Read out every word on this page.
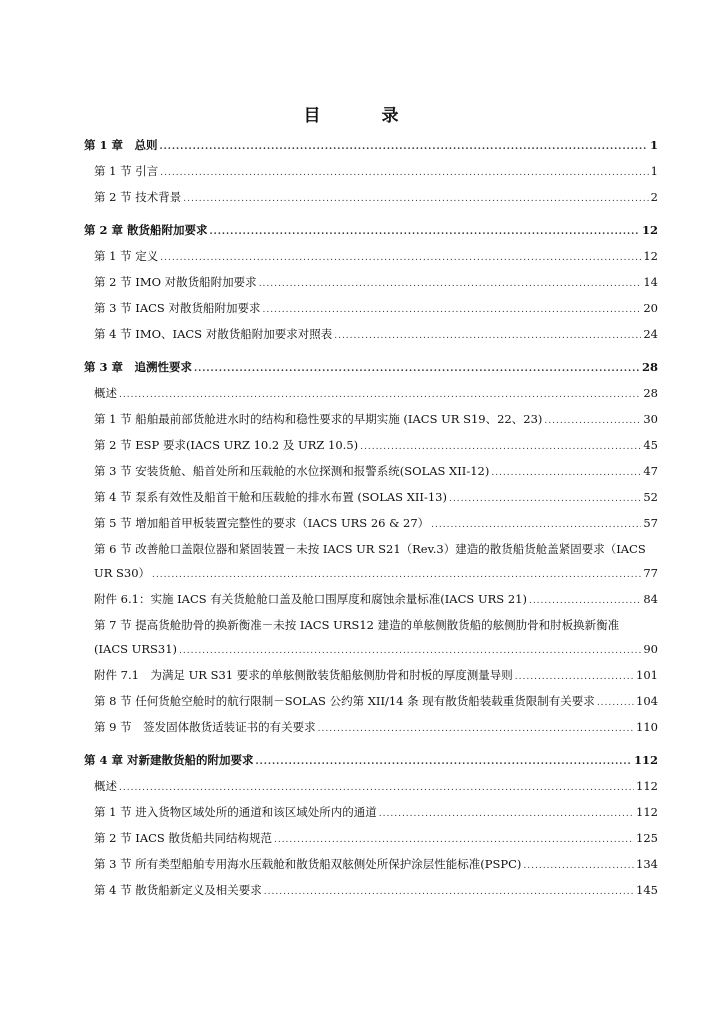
目　录
第 1 章　总则 .....	1
第 1 节 引言 .....	1
第 2 节 技术背景 .....	2
第 2 章 散货船附加要求 .....	12
第 1 节 定义 .....	12
第 2 节 IMO 对散货船附加要求 .....	14
第 3 节 IACS 对散货船附加要求 .....	20
第 4 节 IMO、IACS 对散货船附加要求对照表 .....	24
第 3 章　追溯性要求 .....	28
概述 .....	28
第 1 节 船舶最前部货舱进水时的结构和稳性要求的早期实施 (IACS UR S19、22、23) .....	30
第 2 节 ESP 要求(IACS URZ 10.2 及 URZ 10.5) .....	45
第 3 节 安装货舱、船首处所和压载舱的水位探测和报警系统(SOLAS XII-12) .....	47
第 4 节 泵系有效性及船首干舱和压载舱的排水布置 (SOLAS XII-13) .....	52
第 5 节 增加船首甲板装置完整性的要求（IACS URS 26 & 27） .....	57
第 6 节 改善舱口盖限位器和紧固装置－未按 IACS UR S21（Rev.3）建造的散货船货舱盖紧固要求（IACS
UR S30） .....	77
附件 6.1：实施 IACS 有关货舱舱口盖及舱口围厚度和腐蚀余量标准(IACS URS 21) .....	84
第 7 节 提高货舱肋骨的换新衡准－未按 IACS URS12 建造的单舷侧散货船的舷侧肋骨和肘板换新衡准
(IACS URS31) .....	90
附件 7.1　为满足 UR S31 要求的单舷侧散装货船舷侧肋骨和肘板的厚度测量导则 .....	101
第 8 节 任何货舱空舱时的航行限制－SOLAS 公约第 XII/14 条 现有散货船装载重货限制有关要求 .....	104
第 9 节　签发固体散货适装证书的有关要求 .....	110
第 4 章 对新建散货船的附加要求 .....	112
概述 .....	112
第 1 节 进入货物区域处所的通道和该区域处所内的通道 .....	112
第 2 节 IACS 散货船共同结构规范 .....	125
第 3 节 所有类型船舶专用海水压载舱和散货船双舷侧处所保护涂层性能标准(PSPC) .....	134
第 4 节 散货船新定义及相关要求 .....	145
